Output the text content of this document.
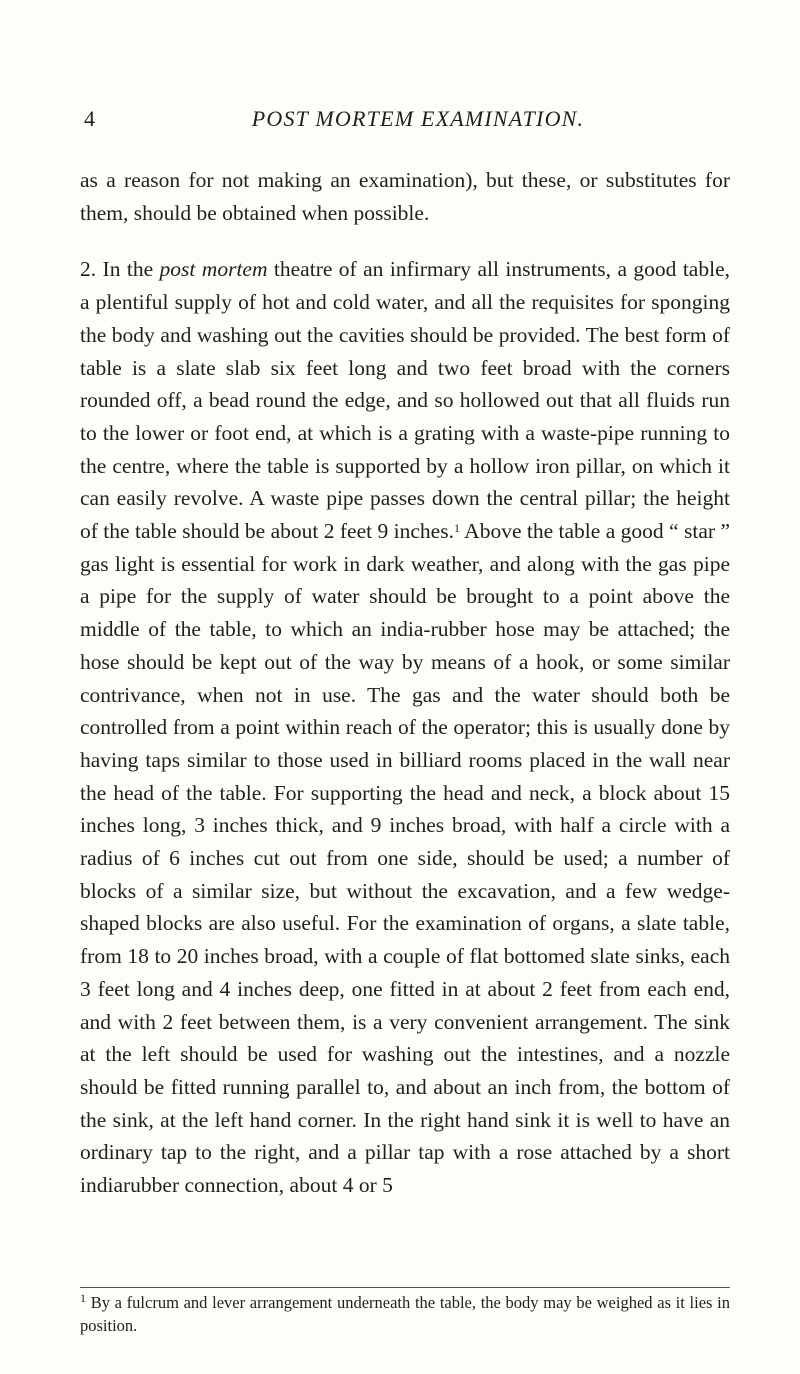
4	POST MORTEM EXAMINATION.

as a reason for not making an examination), but these, or substitutes for them, should be obtained when possible.

2. In the post mortem theatre of an infirmary all instruments, a good table, a plentiful supply of hot and cold water, and all the requisites for sponging the body and washing out the cavities should be provided. The best form of table is a slate slab six feet long and two feet broad with the corners rounded off, a bead round the edge, and so hollowed out that all fluids run to the lower or foot end, at which is a grating with a waste-pipe running to the centre, where the table is supported by a hollow iron pillar, on which it can easily revolve. A waste pipe passes down the central pillar; the height of the table should be about 2 feet 9 inches.$^1$ Above the table a good “ star ” gas light is essential for work in dark weather, and along with the gas pipe a pipe for the supply of water should be brought to a point above the middle of the table, to which an india-rubber hose may be attached; the hose should be kept out of the way by means of a hook, or some similar contrivance, when not in use. The gas and the water should both be controlled from a point within reach of the operator; this is usually done by having taps similar to those used in billiard rooms placed in the wall near the head of the table. For supporting the head and neck, a block about 15 inches long, 3 inches thick, and 9 inches broad, with half a circle with a radius of 6 inches cut out from one side, should be used; a number of blocks of a similar size, but without the excavation, and a few wedge-shaped blocks are also useful. For the examination of organs, a slate table, from 18 to 20 inches broad, with a couple of flat bottomed slate sinks, each 3 feet long and 4 inches deep, one fitted in at about 2 feet from each end, and with 2 feet between them, is a very convenient arrangement. The sink at the left should be used for washing out the intestines, and a nozzle should be fitted running parallel to, and about an inch from, the bottom of the sink, at the left hand corner. In the right hand sink it is well to have an ordinary tap to the right, and a pillar tap with a rose attached by a short indiarubber connection, about 4 or 5

$^1$ By a fulcrum and lever arrangement underneath the table, the body may be weighed as it lies in position.
